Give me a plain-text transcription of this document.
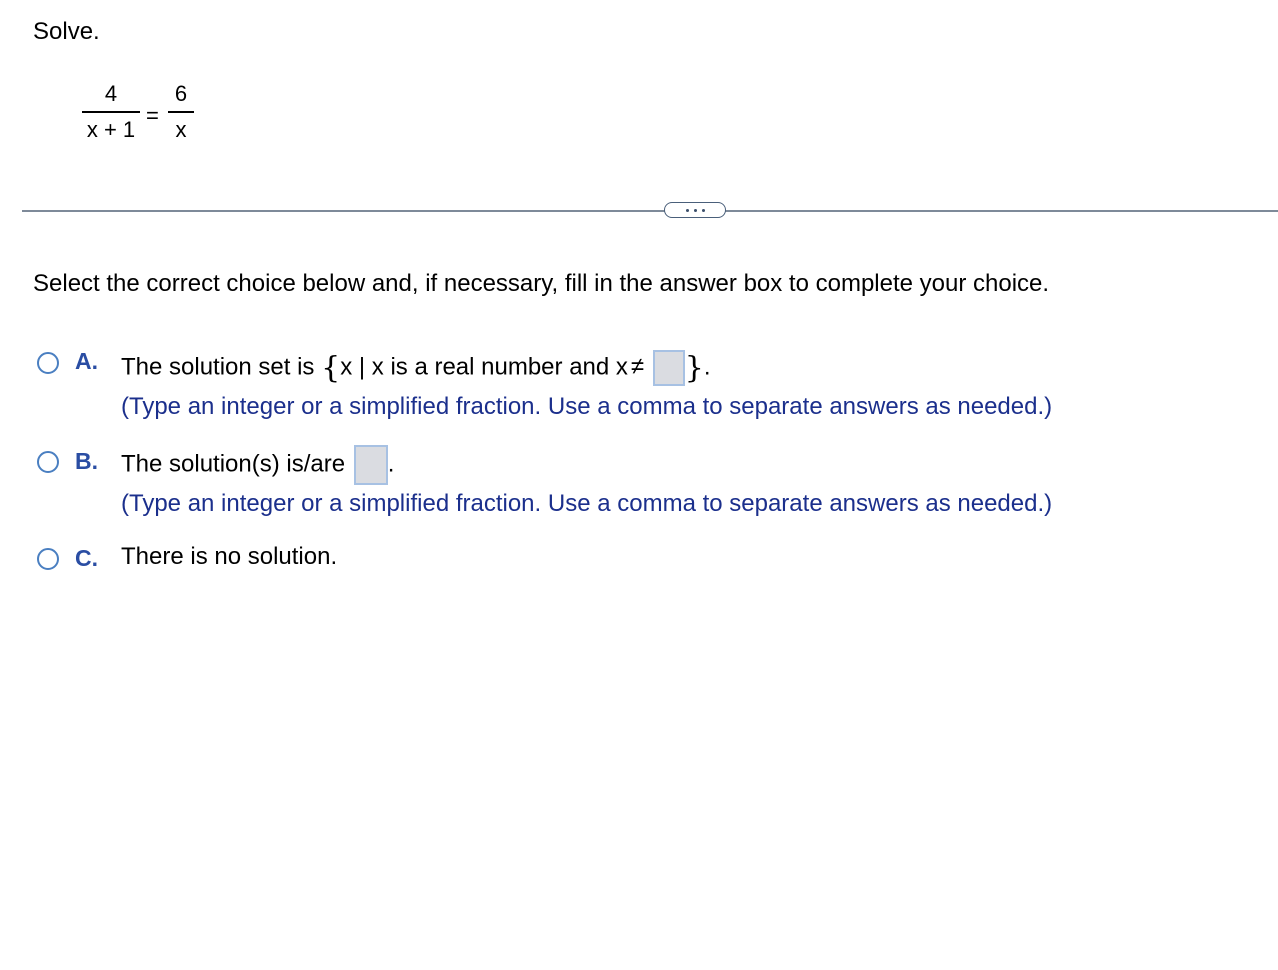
Solve.
4
x + 1
=
6
x
Select the correct choice below and, if necessary, fill in the answer box to complete your choice.
A. The solution set is {x | x is a real number and x ≠ }.
(Type an integer or a simplified fraction. Use a comma to separate answers as needed.)
B. The solution(s) is/are .
(Type an integer or a simplified fraction. Use a comma to separate answers as needed.)
C. There is no solution.
